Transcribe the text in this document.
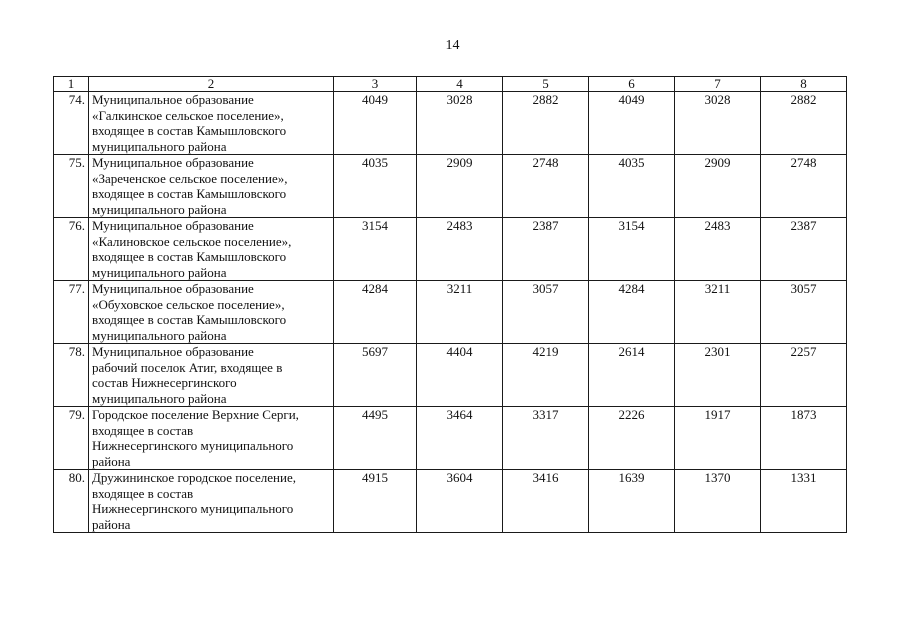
14
1	2	3	4	5	6	7	8
74.	Муниципальное образование
«Галкинское сельское поселение»,
входящее в состав Камышловского
муниципального района	4049	3028	2882	4049	3028	2882
75.	Муниципальное образование
«Зареченское сельское поселение»,
входящее в состав Камышловского
муниципального района	4035	2909	2748	4035	2909	2748
76.	Муниципальное образование
«Калиновское сельское поселение»,
входящее в состав Камышловского
муниципального района	3154	2483	2387	3154	2483	2387
77.	Муниципальное образование
«Обуховское сельское поселение»,
входящее в состав Камышловского
муниципального района	4284	3211	3057	4284	3211	3057
78.	Муниципальное образование
рабочий поселок Атиг, входящее в
состав Нижнесергинского
муниципального района	5697	4404	4219	2614	2301	2257
79.	Городское поселение Верхние Серги,
входящее в состав
Нижнесергинского муниципального
района	4495	3464	3317	2226	1917	1873
80.	Дружининское городское поселение,
входящее в состав
Нижнесергинского муниципального
района	4915	3604	3416	1639	1370	1331
